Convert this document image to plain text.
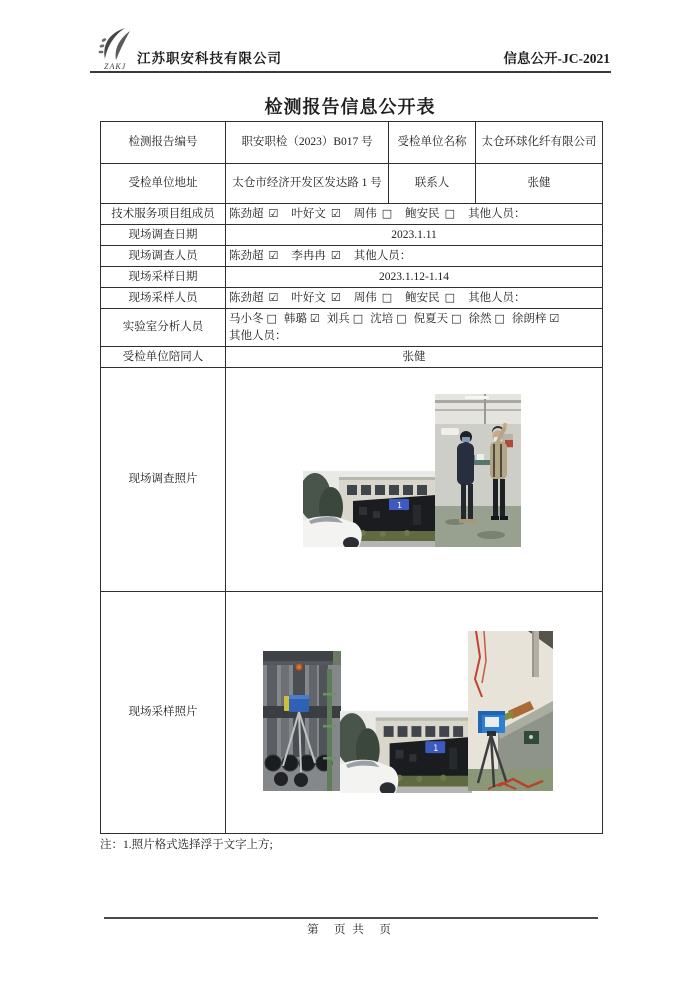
ZAKJ
江苏职安科技有限公司	信息公开-JC-2021
检测报告信息公开表
检测报告编号	职安职检（2023）B017 号	受检单位名称	太仓环球化纤有限公司
受检单位地址	太仓市经济开发区发达路 1 号	联系人	张健
技术服务项目组成员	陈劲超 ☑ 叶好文 ☑ 周伟 □ 鲍安民 □ 其他人员：		
现场调查日期	2023.1.11		
现场调查人员	陈劲超 ☑ 李冉冉 ☑ 其他人员：		
现场采样日期	2023.1.12-1.14		
现场采样人员	陈劲超 ☑ 叶好文 ☑ 周伟 □ 鲍安民 □ 其他人员：		
实验室分析人员	马小冬 □ 韩璐 ☑ 刘兵 □ 沈培 □ 倪夏天 □ 徐然 □ 徐朗梓 ☑
其他人员：		

受检单位陪同人	张健		
现场调查照片	1		

现场采样照片	1		
注：1.照片格式选择浮于文字上方;
第　页 共　页
